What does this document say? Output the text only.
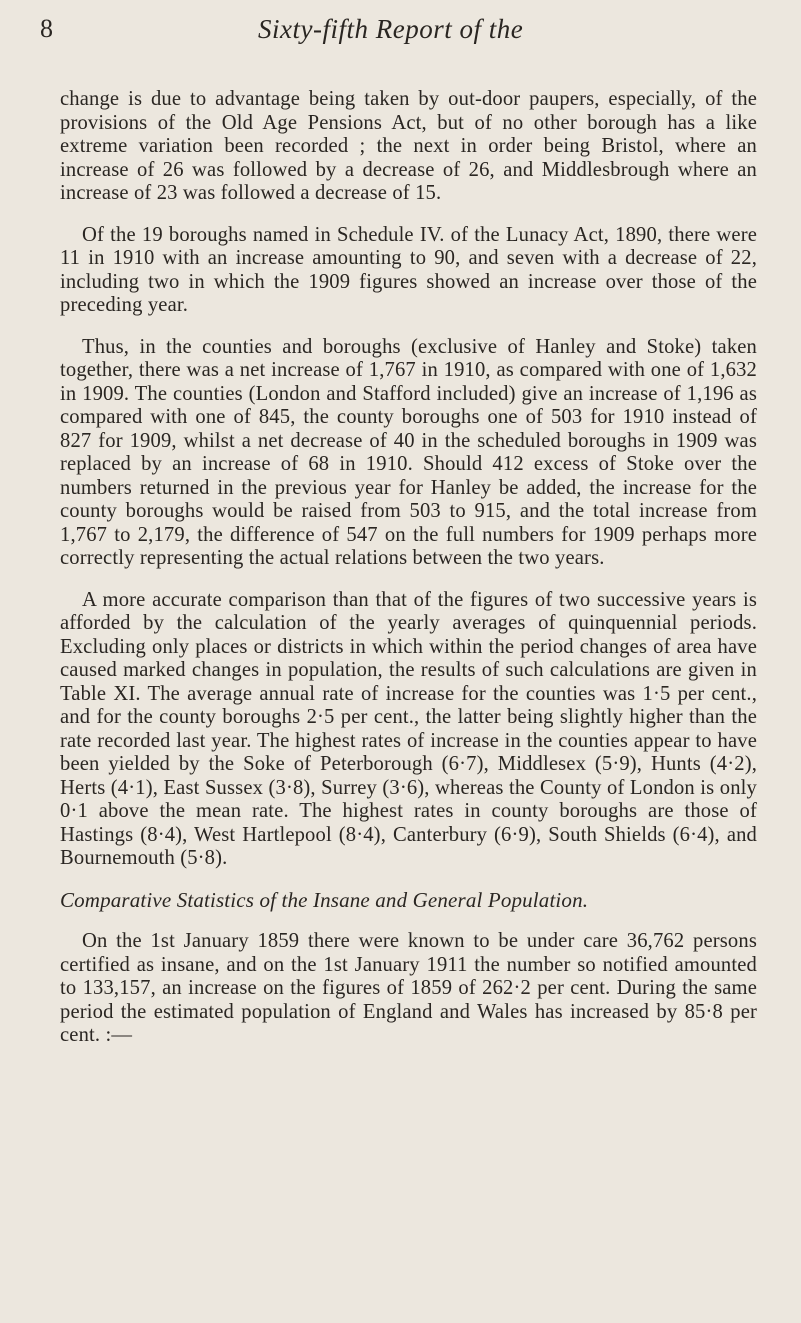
8	Sixty-fifth Report of the

change is due to advantage being taken by out-door paupers, especially, of the provisions of the Old Age Pensions Act, but of no other borough has a like extreme variation been recorded ; the next in order being Bristol, where an increase of 26 was followed by a decrease of 26, and Middlesbrough where an increase of 23 was followed a decrease of 15.

Of the 19 boroughs named in Schedule IV. of the Lunacy Act, 1890, there were 11 in 1910 with an increase amounting to 90, and seven with a decrease of 22, including two in which the 1909 figures showed an increase over those of the preceding year.

Thus, in the counties and boroughs (exclusive of Hanley and Stoke) taken together, there was a net increase of 1,767 in 1910, as compared with one of 1,632 in 1909. The counties (London and Stafford included) give an increase of 1,196 as compared with one of 845, the county boroughs one of 503 for 1910 instead of 827 for 1909, whilst a net decrease of 40 in the scheduled boroughs in 1909 was replaced by an increase of 68 in 1910. Should 412 excess of Stoke over the numbers returned in the previous year for Hanley be added, the increase for the county boroughs would be raised from 503 to 915, and the total increase from 1,767 to 2,179, the difference of 547 on the full numbers for 1909 perhaps more correctly representing the actual relations between the two years.

A more accurate comparison than that of the figures of two successive years is afforded by the calculation of the yearly averages of quinquennial periods. Excluding only places or districts in which within the period changes of area have caused marked changes in population, the results of such calculations are given in Table XI. The average annual rate of increase for the counties was 1·5 per cent., and for the county boroughs 2·5 per cent., the latter being slightly higher than the rate recorded last year. The highest rates of increase in the counties appear to have been yielded by the Soke of Peterborough (6·7), Middlesex (5·9), Hunts (4·2), Herts (4·1), East Sussex (3·8), Surrey (3·6), whereas the County of London is only 0·1 above the mean rate. The highest rates in county boroughs are those of Hastings (8·4), West Hartlepool (8·4), Canterbury (6·9), South Shields (6·4), and Bournemouth (5·8).

Comparative Statistics of the Insane and General Population.

On the 1st January 1859 there were known to be under care 36,762 persons certified as insane, and on the 1st January 1911 the number so notified amounted to 133,157, an increase on the figures of 1859 of 262·2 per cent. During the same period the estimated population of England and Wales has increased by 85·8 per cent. :—
